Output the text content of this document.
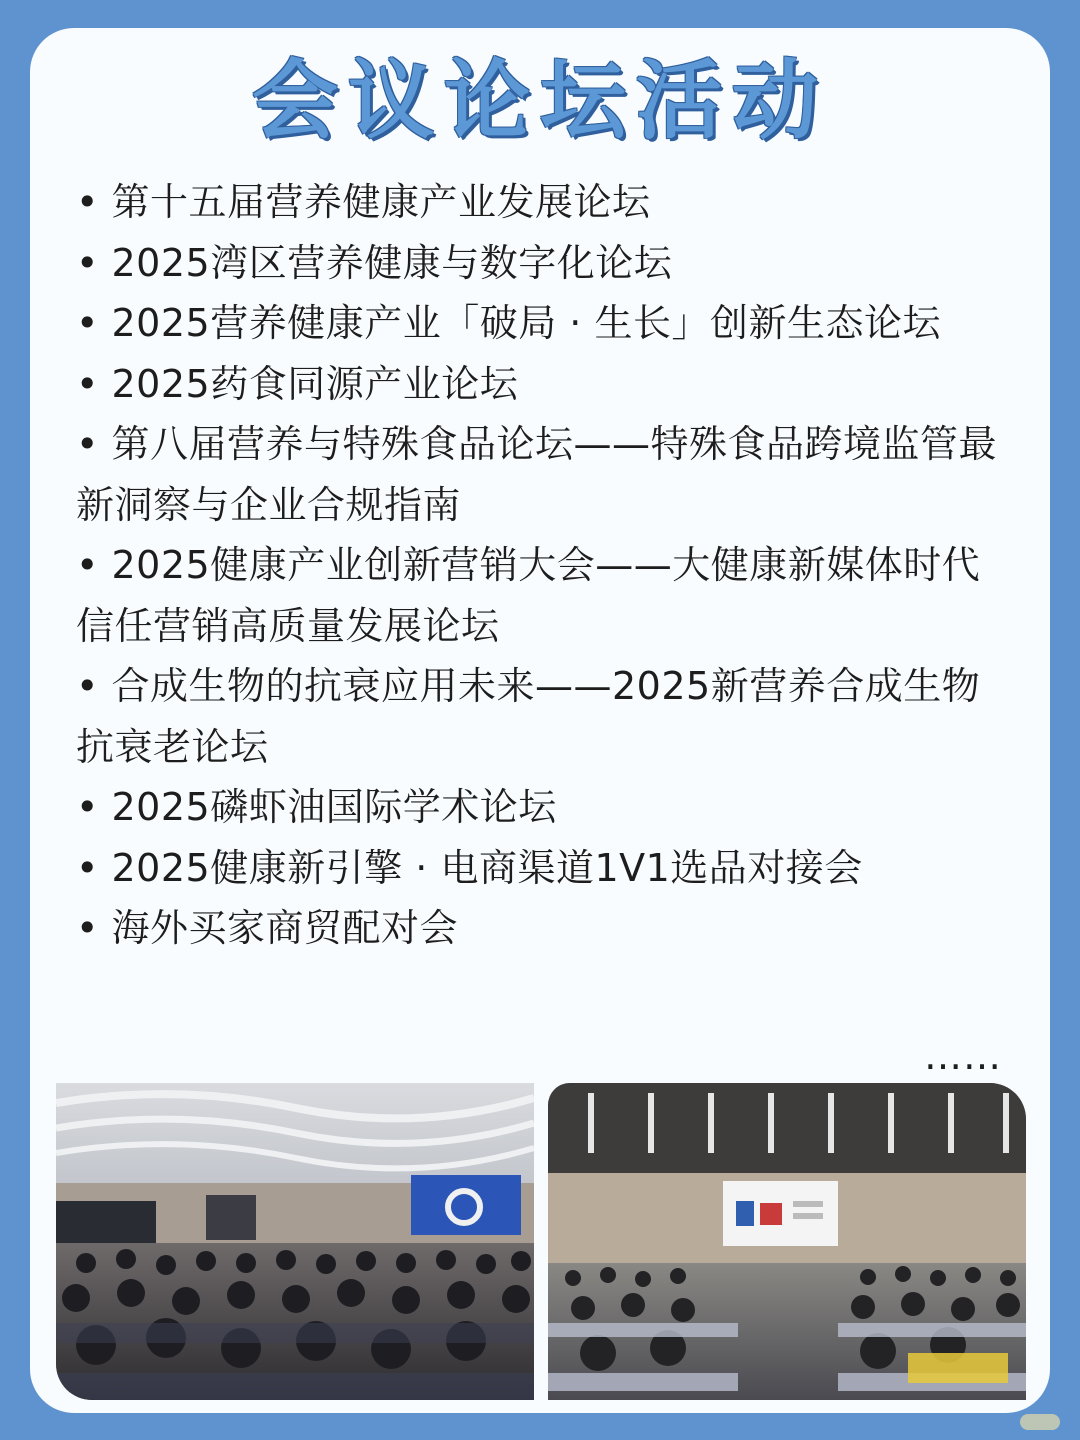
会议论坛活动
• 第十五届营养健康产业发展论坛
• 2025湾区营养健康与数字化论坛
• 2025营养健康产业「破局 · 生长」创新生态论坛
• 2025药食同源产业论坛
• 第八届营养与特殊食品论坛——特殊食品跨境监管最新洞察与企业合规指南
• 2025健康产业创新营销大会——大健康新媒体时代信任营销高质量发展论坛
• 合成生物的抗衰应用未来——2025新营养合成生物抗衰老论坛
• 2025磷虾油国际学术论坛
• 2025健康新引擎 · 电商渠道1V1选品对接会
• 海外买家商贸配对会
……
